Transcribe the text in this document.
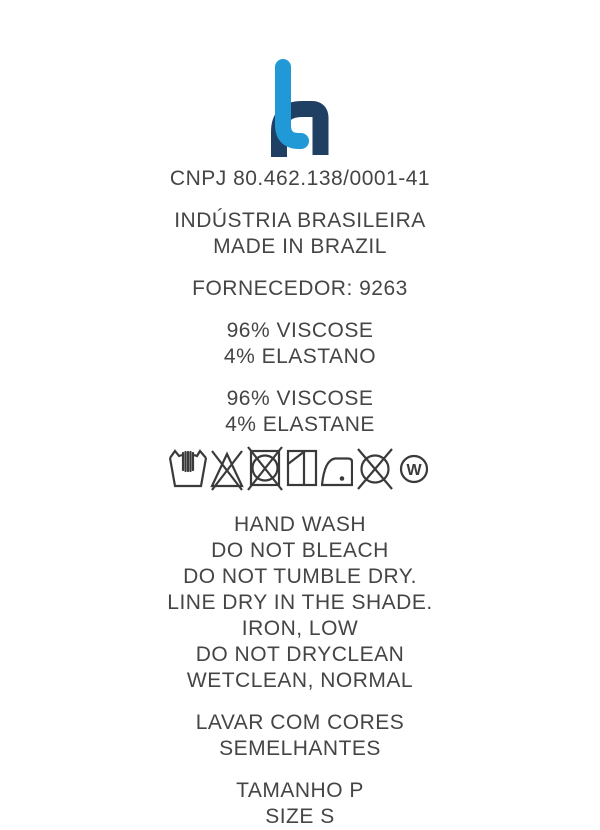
CNPJ 80.462.138/0001-41
INDÚSTRIA BRASILEIRA
MADE IN BRAZIL
FORNECEDOR: 9263
96% VISCOSE
4% ELASTANO
96% VISCOSE
4% ELASTANE
W
HAND WASH
DO NOT BLEACH
DO NOT TUMBLE DRY.
LINE DRY IN THE SHADE.
IRON, LOW
DO NOT DRYCLEAN
WETCLEAN, NORMAL
LAVAR COM CORES
SEMELHANTES
TAMANHO P
SIZE S
